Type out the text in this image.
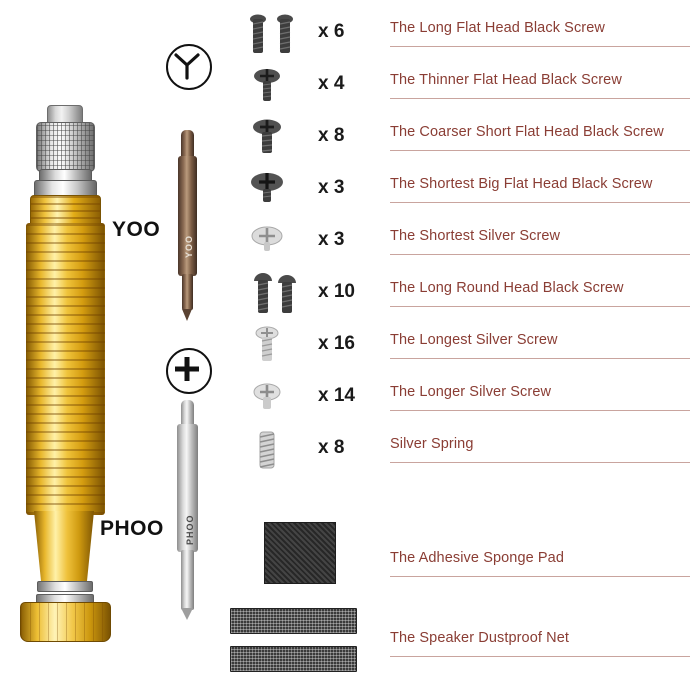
YOO
YOO
PHOO PHOO
x 6	The Long Flat Head Black Screw
x 4	The Thinner Flat Head Black Screw
x 8	The Coarser Short Flat Head Black Screw
x 3	The Shortest Big Flat Head Black Screw
x 3	The Shortest Silver Screw
x 10 The Long Round Head Black Screw
x 16 The Longest Silver Screw
x 14 The Longer Silver Screw
x 8	Silver Spring
The Adhesive Sponge Pad
The Speaker Dustproof Net
